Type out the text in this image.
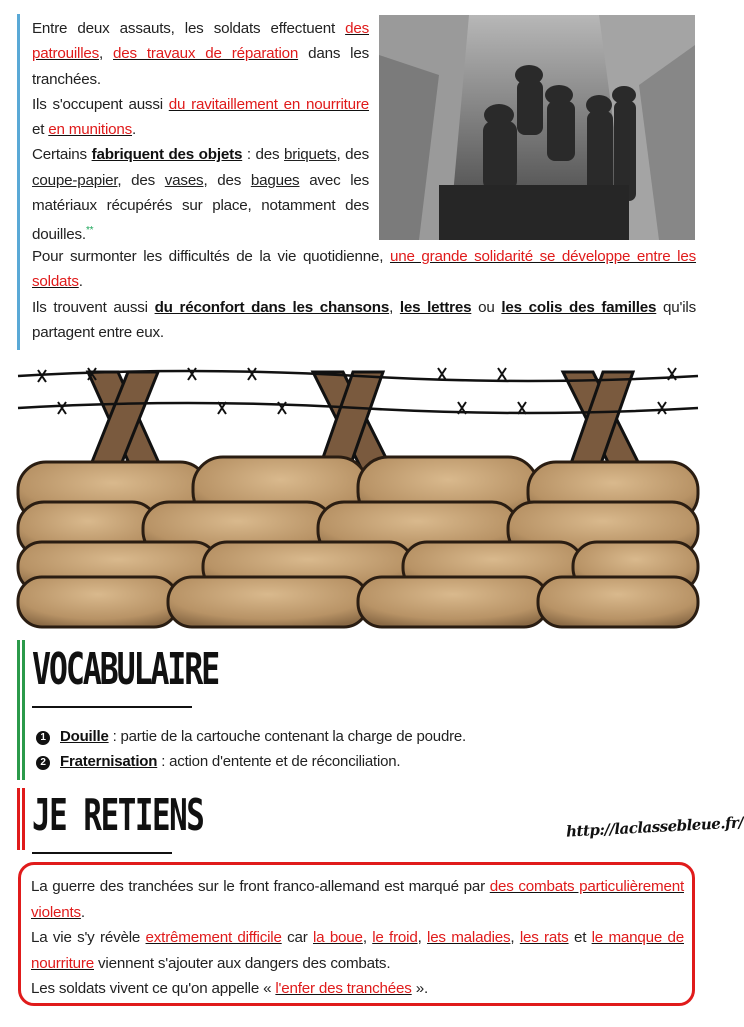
Entre deux assauts, les soldats effectuent des patrouilles, des travaux de réparation dans les tranchées.

Ils s'occupent aussi du ravitaillement en nourriture et en munitions.

Certains fabriquent des objets : des briquets, des coupe-papier, des vases, des bagues avec les matériaux récupérés sur place, notamment des douilles.**

Pour surmonter les difficultés de la vie quotidienne, une grande solidarité se développe entre les soldats.

Ils trouvent aussi du réconfort dans les chansons, les lettres ou les colis des familles qu'ils partagent entre eux.

VOCABULAIRE
1 Douille : partie de la cartouche contenant la charge de poudre.
2 Fraternisation : action d'entente et de réconciliation.
JE RETIENS	http://laclassebleue.fr/

La guerre des tranchées sur le front franco-allemand est marqué par des combats particulièrement violents.

La vie s'y révèle extrêmement difficile car la boue, le froid, les maladies, les rats et le manque de nourriture viennent s'ajouter aux dangers des combats.

Les soldats vivent ce qu'on appelle « l'enfer des tranchées ».
